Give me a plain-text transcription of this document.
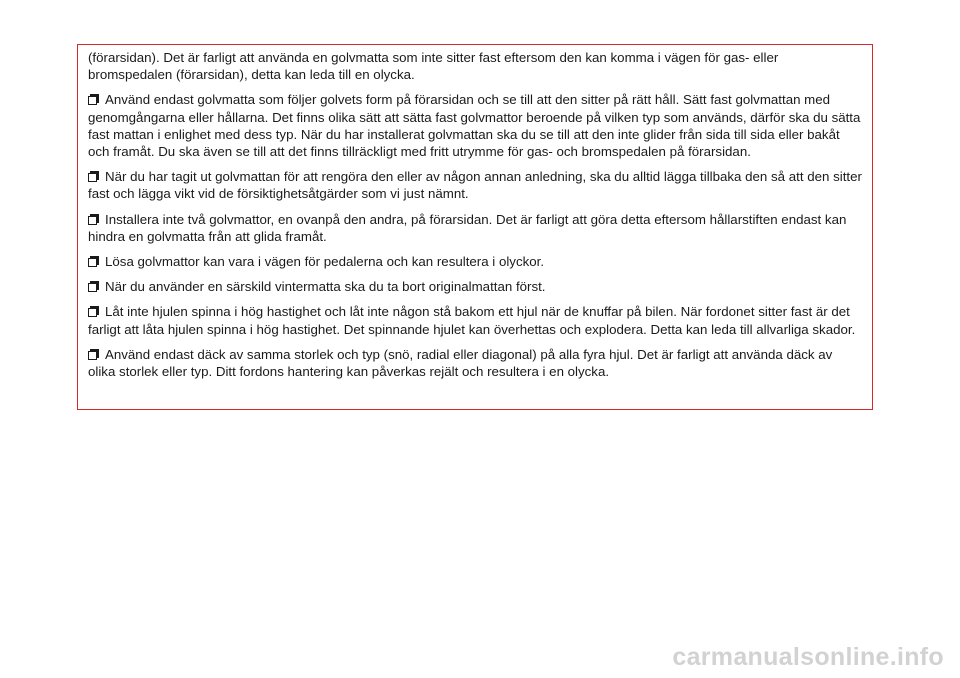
(förarsidan). Det är farligt att använda en golvmatta som inte sitter fast eftersom den kan komma i vägen för gas- eller bromspedalen (förarsidan), detta kan leda till en olycka.

Använd endast golvmatta som följer golvets form på förarsidan och se till att den sitter på rätt håll. Sätt fast golvmattan med genomgångarna eller hållarna. Det finns olika sätt att sätta fast golvmattor beroende på vilken typ som används, därför ska du sätta fast mattan i enlighet med dess typ. När du har installerat golvmattan ska du se till att den inte glider från sida till sida eller bakåt och framåt. Du ska även se till att det finns tillräckligt med fritt utrymme för gas- och bromspedalen på förarsidan.

När du har tagit ut golvmattan för att rengöra den eller av någon annan anledning, ska du alltid lägga tillbaka den så att den sitter fast och lägga vikt vid de försiktighetsåtgärder som vi just nämnt.

Installera inte två golvmattor, en ovanpå den andra, på förarsidan. Det är farligt att göra detta eftersom hållarstiften endast kan hindra en golvmatta från att glida framåt.

Lösa golvmattor kan vara i vägen för pedalerna och kan resultera i olyckor.

När du använder en särskild vintermatta ska du ta bort originalmattan först.

Låt inte hjulen spinna i hög hastighet och låt inte någon stå bakom ett hjul när de knuffar på bilen. När fordonet sitter fast är det farligt att låta hjulen spinna i hög hastighet. Det spinnande hjulet kan överhettas och explodera. Detta kan leda till allvarliga skador.

Använd endast däck av samma storlek och typ (snö, radial eller diagonal) på alla fyra hjul. Det är farligt att använda däck av olika storlek eller typ. Ditt fordons hantering kan påverkas rejält och resultera i en olycka.

carmanualsonline.info
